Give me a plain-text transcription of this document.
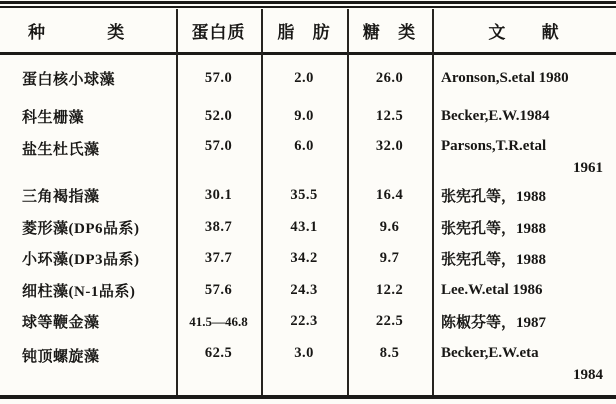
种 类	蛋白质	脂 肪	糖 类	文 献
蛋白核小球藻	57.0	2.0	26.0	Aronson,S.etal 1980
科生栅藻	52.0	9.0	12.5	Becker,E.W.1984
盐生杜氏藻	57.0	6.0	32.0	Parsons,T.R.etal
1961
三角褐指藻	30.1	35.5	16.4	张宪孔等，1988
菱形藻(DP6品系)	38.7	43.1	9.6	张宪孔等，1988
小环藻(DP3品系)	37.7	34.2	9.7	张宪孔等，1988
细柱藻(N-1品系)	57.6	24.3	12.2	Lee.W.etal 1986
球等鞭金藻	41.5—46.8	22.3	22.5	陈椒芬等，1987
钝顶螺旋藻	62.5	3.0	8.5	Becker,E.W.eta
1984
